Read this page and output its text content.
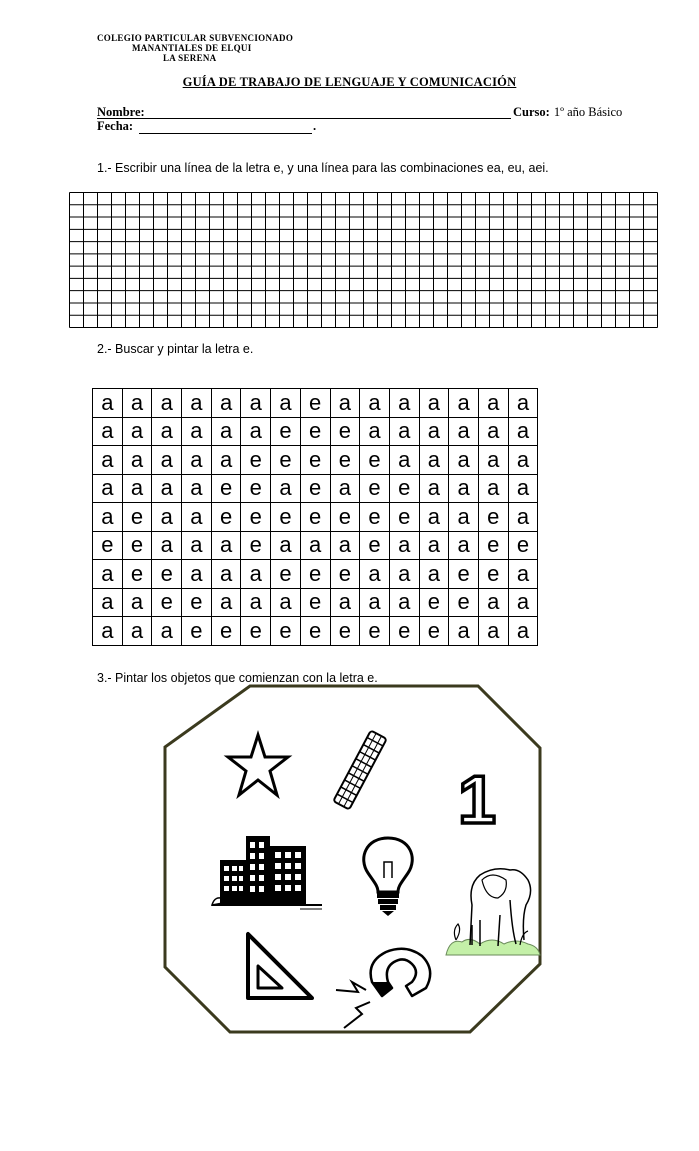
COLEGIO PARTICULAR SUBVENCIONADO
MANANTIALES DE ELQUI
LA SERENA
GUÍA DE TRABAJO DE LENGUAJE Y COMUNICACIÓN
Nombre:	Curso: 1º año Básico
Fecha:	.
1.- Escribir una línea de la letra e, y una línea para las combinaciones ea, eu, aei.
2.- Buscar y pintar la letra e.
a	a	a	a	a	a	a	e	a	a	a	a	a	a	a
a	a	a	a	a	a	e	e	e	a	a	a	a	a	a
a	a	a	a	a	e	e	e	e	e	a	a	a	a	a
a	a	a	a	e	e	a	e	a	e	e	a	a	a	a
a	e	a	a	e	e	e	e	e	e	e	a	a	e	a
e	e	a	a	a	e	a	a	a	e	a	a	a	e	e
a	e	e	a	a	a	e	e	e	a	a	a	e	e	a
a	a	e	e	a	a	a	e	a	a	a	e	e	a	a
a	a	a	e	e	e	e	e	e	e	e	e	a	a	a
3.- Pintar los objetos que comienzan con la letra e.
1
